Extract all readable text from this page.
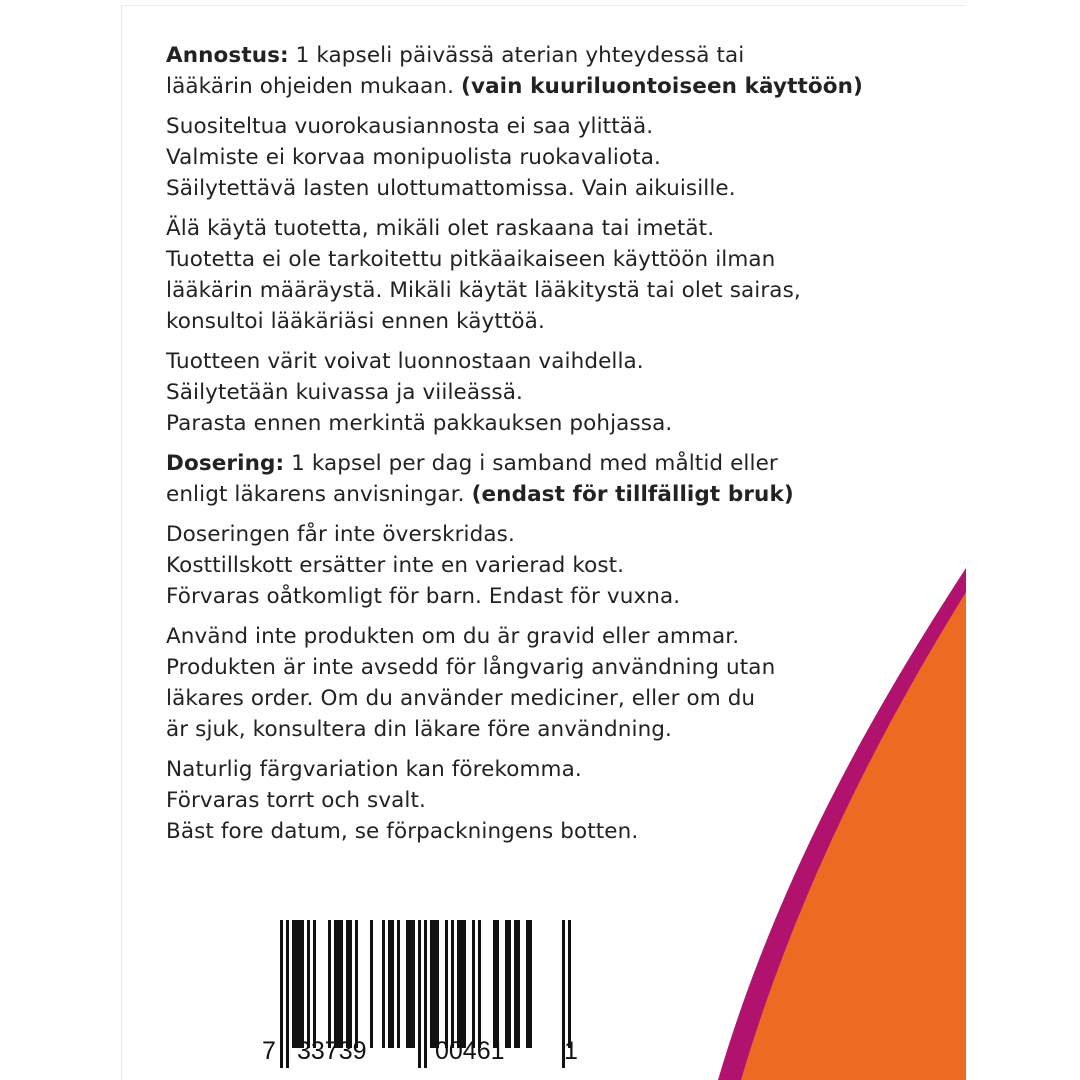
Annostus: 1 kapseli päivässä aterian yhteydessä tai
lääkärin ohjeiden mukaan. (vain kuuriluontoiseen käyttöön)
Suositeltua vuorokausiannosta ei saa ylittää.
Valmiste ei korvaa monipuolista ruokavaliota.
Säilytettävä lasten ulottumattomissa. Vain aikuisille.
Älä käytä tuotetta, mikäli olet raskaana tai imetät.
Tuotetta ei ole tarkoitettu pitkäaikaiseen käyttöön ilman
lääkärin määräystä. Mikäli käytät lääkitystä tai olet sairas,
konsultoi lääkäriäsi ennen käyttöä.
Tuotteen värit voivat luonnostaan vaihdella.
Säilytetään kuivassa ja viileässä.
Parasta ennen merkintä pakkauksen pohjassa.
Dosering: 1 kapsel per dag i samband med måltid eller
enligt läkarens anvisningar. (endast för tillfälligt bruk)
Doseringen får inte överskridas.
Kosttillskott ersätter inte en varierad kost.
Förvaras oåtkomligt för barn. Endast för vuxna.
Använd inte produkten om du är gravid eller ammar.
Produkten är inte avsedd för långvarig användning utan
läkares order. Om du använder mediciner, eller om du
är sjuk, konsultera din läkare före användning.
Naturlig färgvariation kan förekomma.
Förvaras torrt och svalt.
Bäst fore datum, se förpackningens botten.
7 33739	00461 1
